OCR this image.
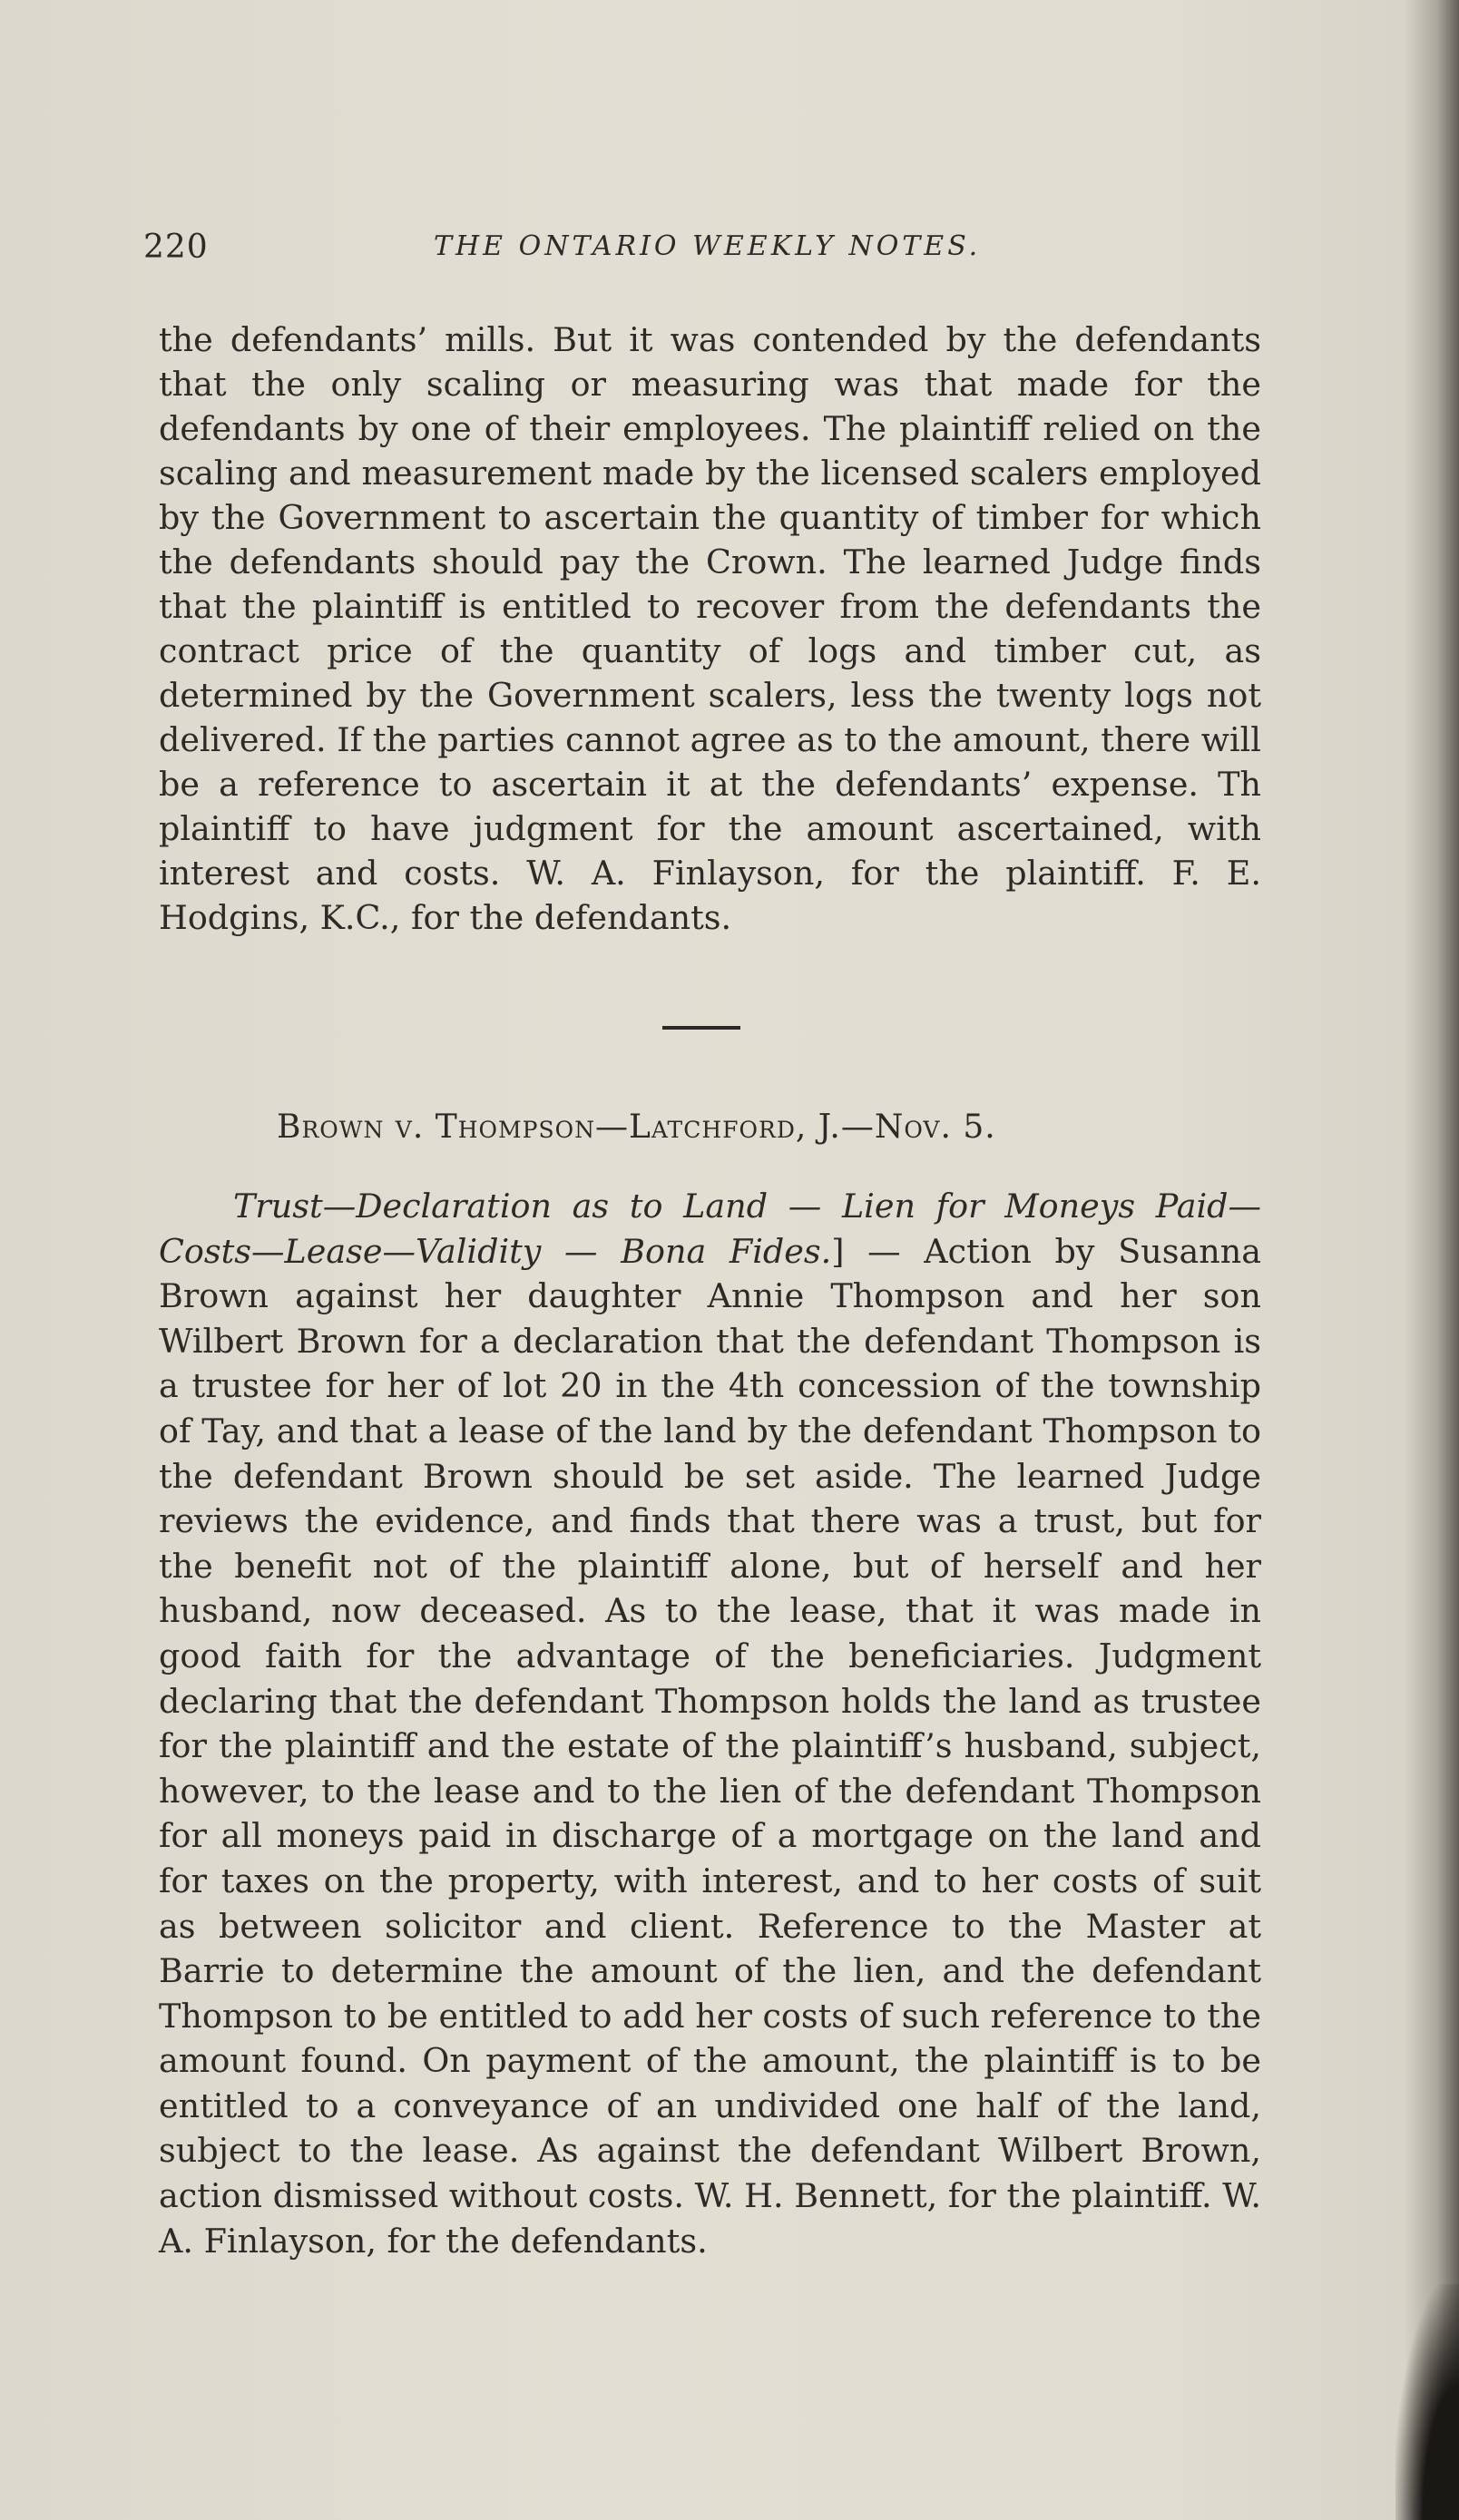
220	THE ONTARIO WEEKLY NOTES.

the defendants’ mills. But it was contended by the defendants that the only scaling or measuring was that made for the defendants by one of their employees. The plaintiff relied on the scaling and measurement made by the licensed scalers employed by the Government to ascertain the quantity of timber for which the defendants should pay the Crown. The learned Judge finds that the plaintiff is entitled to recover from the defendants the contract price of the quantity of logs and timber cut, as determined by the Government scalers, less the twenty logs not delivered. If the parties cannot agree as to the amount, there will be a reference to ascertain it at the defendants’ expense. Th plaintiff to have judgment for the amount ascertained, with interest and costs. W. A. Finlayson, for the plaintiff. F. E. Hodgins, K.C., for the defendants.

Brown v. Thompson—Latchford, J.—Nov. 5.

Trust—Declaration as to Land — Lien for Moneys Paid—Costs—Lease—Validity — Bona Fides.] — Action by Susanna Brown against her daughter Annie Thompson and her son Wilbert Brown for a declaration that the defendant Thompson is a trustee for her of lot 20 in the 4th concession of the township of Tay, and that a lease of the land by the defendant Thompson to the defendant Brown should be set aside. The learned Judge reviews the evidence, and finds that there was a trust, but for the benefit not of the plaintiff alone, but of herself and her husband, now deceased. As to the lease, that it was made in good faith for the advantage of the beneficiaries. Judgment declaring that the defendant Thompson holds the land as trustee for the plaintiff and the estate of the plaintiff’s husband, subject, however, to the lease and to the lien of the defendant Thompson for all moneys paid in discharge of a mortgage on the land and for taxes on the property, with interest, and to her costs of suit as between solicitor and client. Reference to the Master at Barrie to determine the amount of the lien, and the defendant Thompson to be entitled to add her costs of such reference to the amount found. On payment of the amount, the plaintiff is to be entitled to a conveyance of an undivided one half of the land, subject to the lease. As against the defendant Wilbert Brown, action dismissed without costs. W. H. Bennett, for the plaintiff. W. A. Finlayson, for the defendants.
